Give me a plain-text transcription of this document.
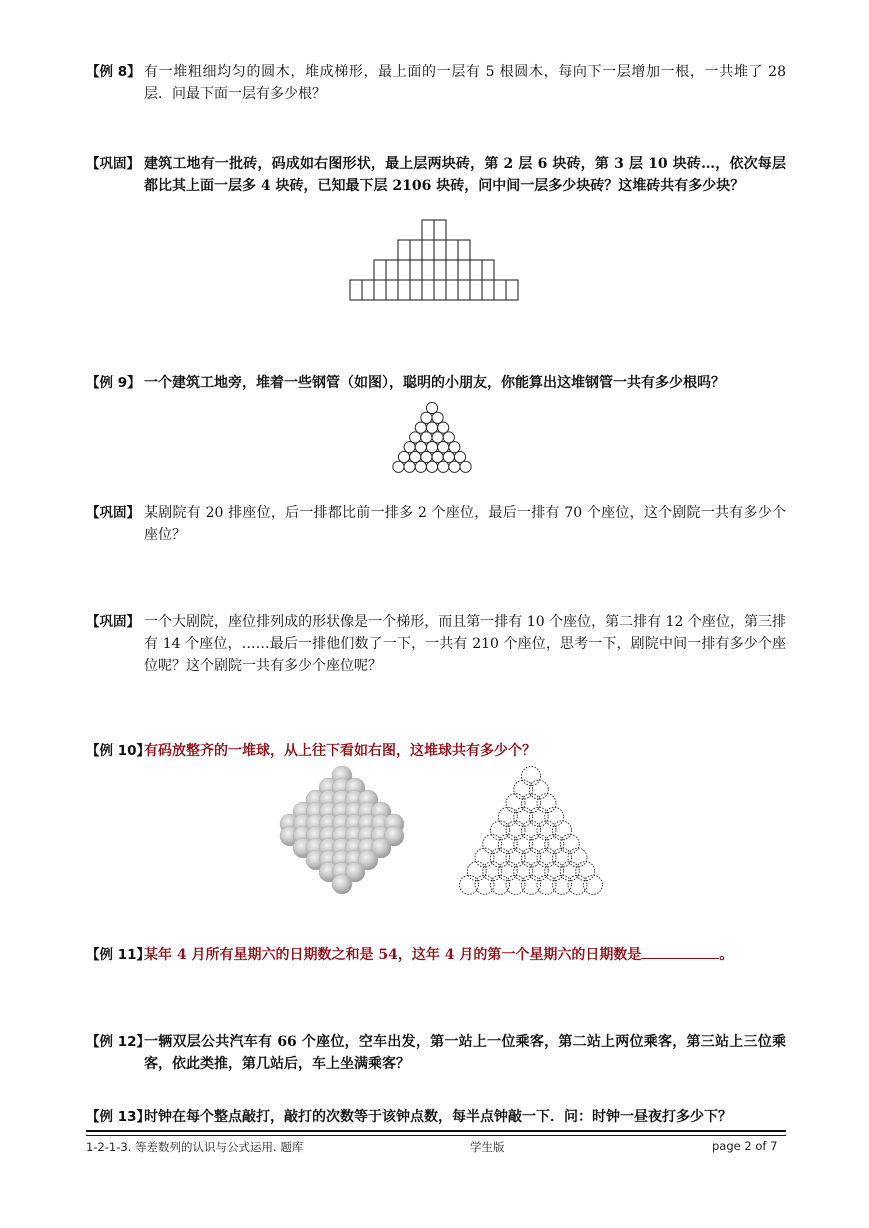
【例 8】 有一堆粗细均匀的圆木，堆成梯形，最上面的一层有 5 根圆木，每向下一层增加一根，一共堆了 28 层．问最下面一层有多少根？
【巩固】 建筑工地有一批砖，码成如右图形状，最上层两块砖，第 2 层 6 块砖，第 3 层 10 块砖…，依次每层都比其上面一层多 4 块砖，已知最下层 2106 块砖，问中间一层多少块砖？这堆砖共有多少块？
【例 9】 一个建筑工地旁，堆着一些钢管（如图），聪明的小朋友，你能算出这堆钢管一共有多少根吗？
【巩固】 某剧院有 20 排座位，后一排都比前一排多 2 个座位，最后一排有 70 个座位，这个剧院一共有多少个座位？
【巩固】 一个大剧院，座位排列成的形状像是一个梯形，而且第一排有 10 个座位，第二排有 12 个座位，第三排有 14 个座位，……最后一排他们数了一下，一共有 210 个座位，思考一下，剧院中间一排有多少个座位呢？这个剧院一共有多少个座位呢？
【例 10】
有码放整齐的一堆球，从上往下看如右图，这堆球共有多少个？
【例 11】
某年 4 月所有星期六的日期数之和是 54，这年 4 月的第一个星期六的日期数是	。
【例 12】
一辆双层公共汽车有 66 个座位，空车出发，第一站上一位乘客，第二站上两位乘客，第三站上三位乘客，依此类推，第几站后，车上坐满乘客？
【例 13】
时钟在每个整点敲打，敲打的次数等于该钟点数，每半点钟敲一下．问：时钟一昼夜打多少下？
1-2-1-3. 等差数列的认识与公式运用. 题库	学生版	page 2 of 7
